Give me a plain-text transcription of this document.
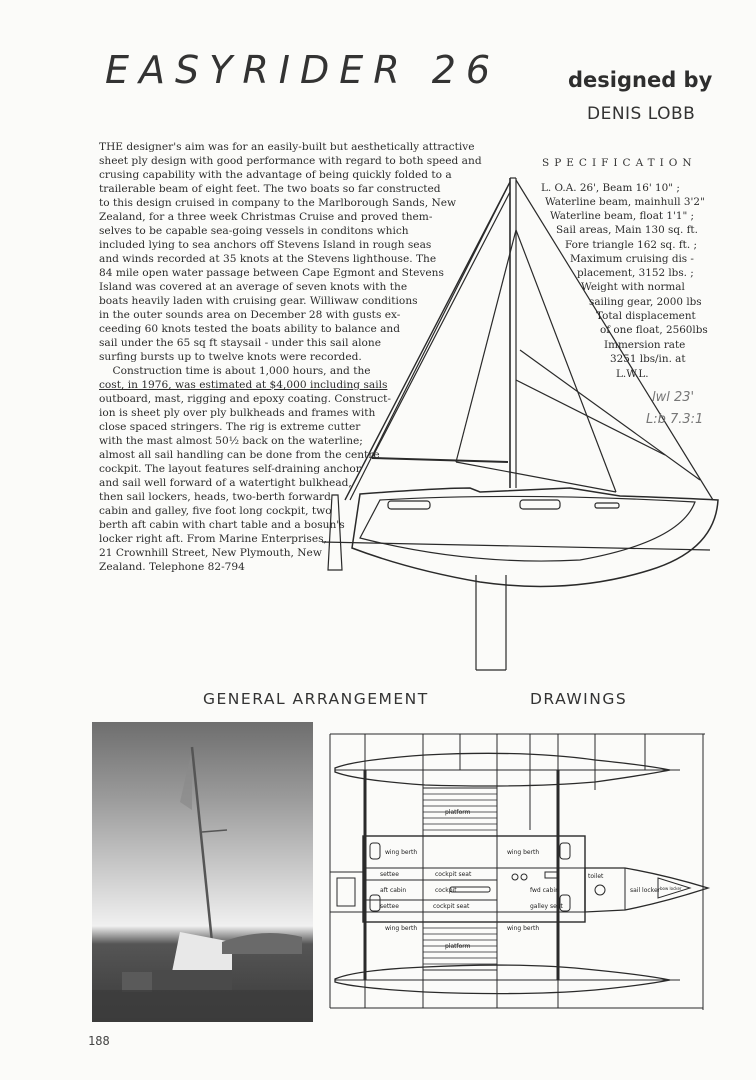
EASYRIDER 26	designed by
DENIS LOBB
THE designer's aim was for an easily-built but aesthetically attractive
sheet ply design with good performance with regard to both speed and
crusing capability with the advantage of being quickly folded to a
trailerable beam of eight feet. The two boats so far constructed
to this design cruised in company to the Marlborough Sands, New
Zealand, for a three week Christmas Cruise and proved them-
selves to be capable sea-going vessels in conditons which
included lying to sea anchors off Stevens Island in rough seas
and winds recorded at 35 knots at the Stevens lighthouse. The
84 mile open water passage between Cape Egmont and Stevens
Island was covered at an average of seven knots with the
boats heavily laden with cruising gear. Williwaw conditions
in the outer sounds area on December 28 with gusts ex-
ceeding 60 knots tested the boats ability to balance and
sail under the 65 sq ft staysail - under this sail alone
surfing bursts up to twelve knots were recorded.
Construction time is about 1,000 hours, and the
cost, in 1976, was estimated at $4,000 including sails
outboard, mast, rigging and epoxy coating. Construct-
ion is sheet ply over ply bulkheads and frames with
close spaced stringers. The rig is extreme cutter
with the mast almost 50½ back on the waterline;
almost all sail handling can be done from the centre
cockpit. The layout features self-draining anchor
and sail well forward of a watertight bulkhead,
then sail lockers, heads, two-berth forward
cabin and galley, five foot long cockpit, two
berth aft cabin with chart table and a bosun's
locker right aft. From Marine Enterprises,
21 Crownhill Street, New Plymouth, New
Zealand. Telephone 82-794
SPECIFICATION
L. O.A. 26', Beam 16' 10" ;
Waterline beam, mainhull 3'2"
Waterline beam, float 1'1" ;
Sail areas, Main 130 sq. ft.
Fore triangle 162 sq. ft. ;
Maximum cruising dis -
placement, 3152 lbs. ;
Weight with normal
sailing gear, 2000 lbs
Total displacement
of one float, 2560lbs
Immersion rate
3251 lbs/in. at
L.W.L.
lwl 23'
L:b 7.3:1
GENERAL ARRANGEMENT	DRAWINGS
platform
platform
wing berth	wing berth
wing berth	wing berth
cockpit seat
cockpit
cockpit seat
aft cabin
settee
settee
fwd cabin
galley seat
toilet
sail locker bow locker
188
